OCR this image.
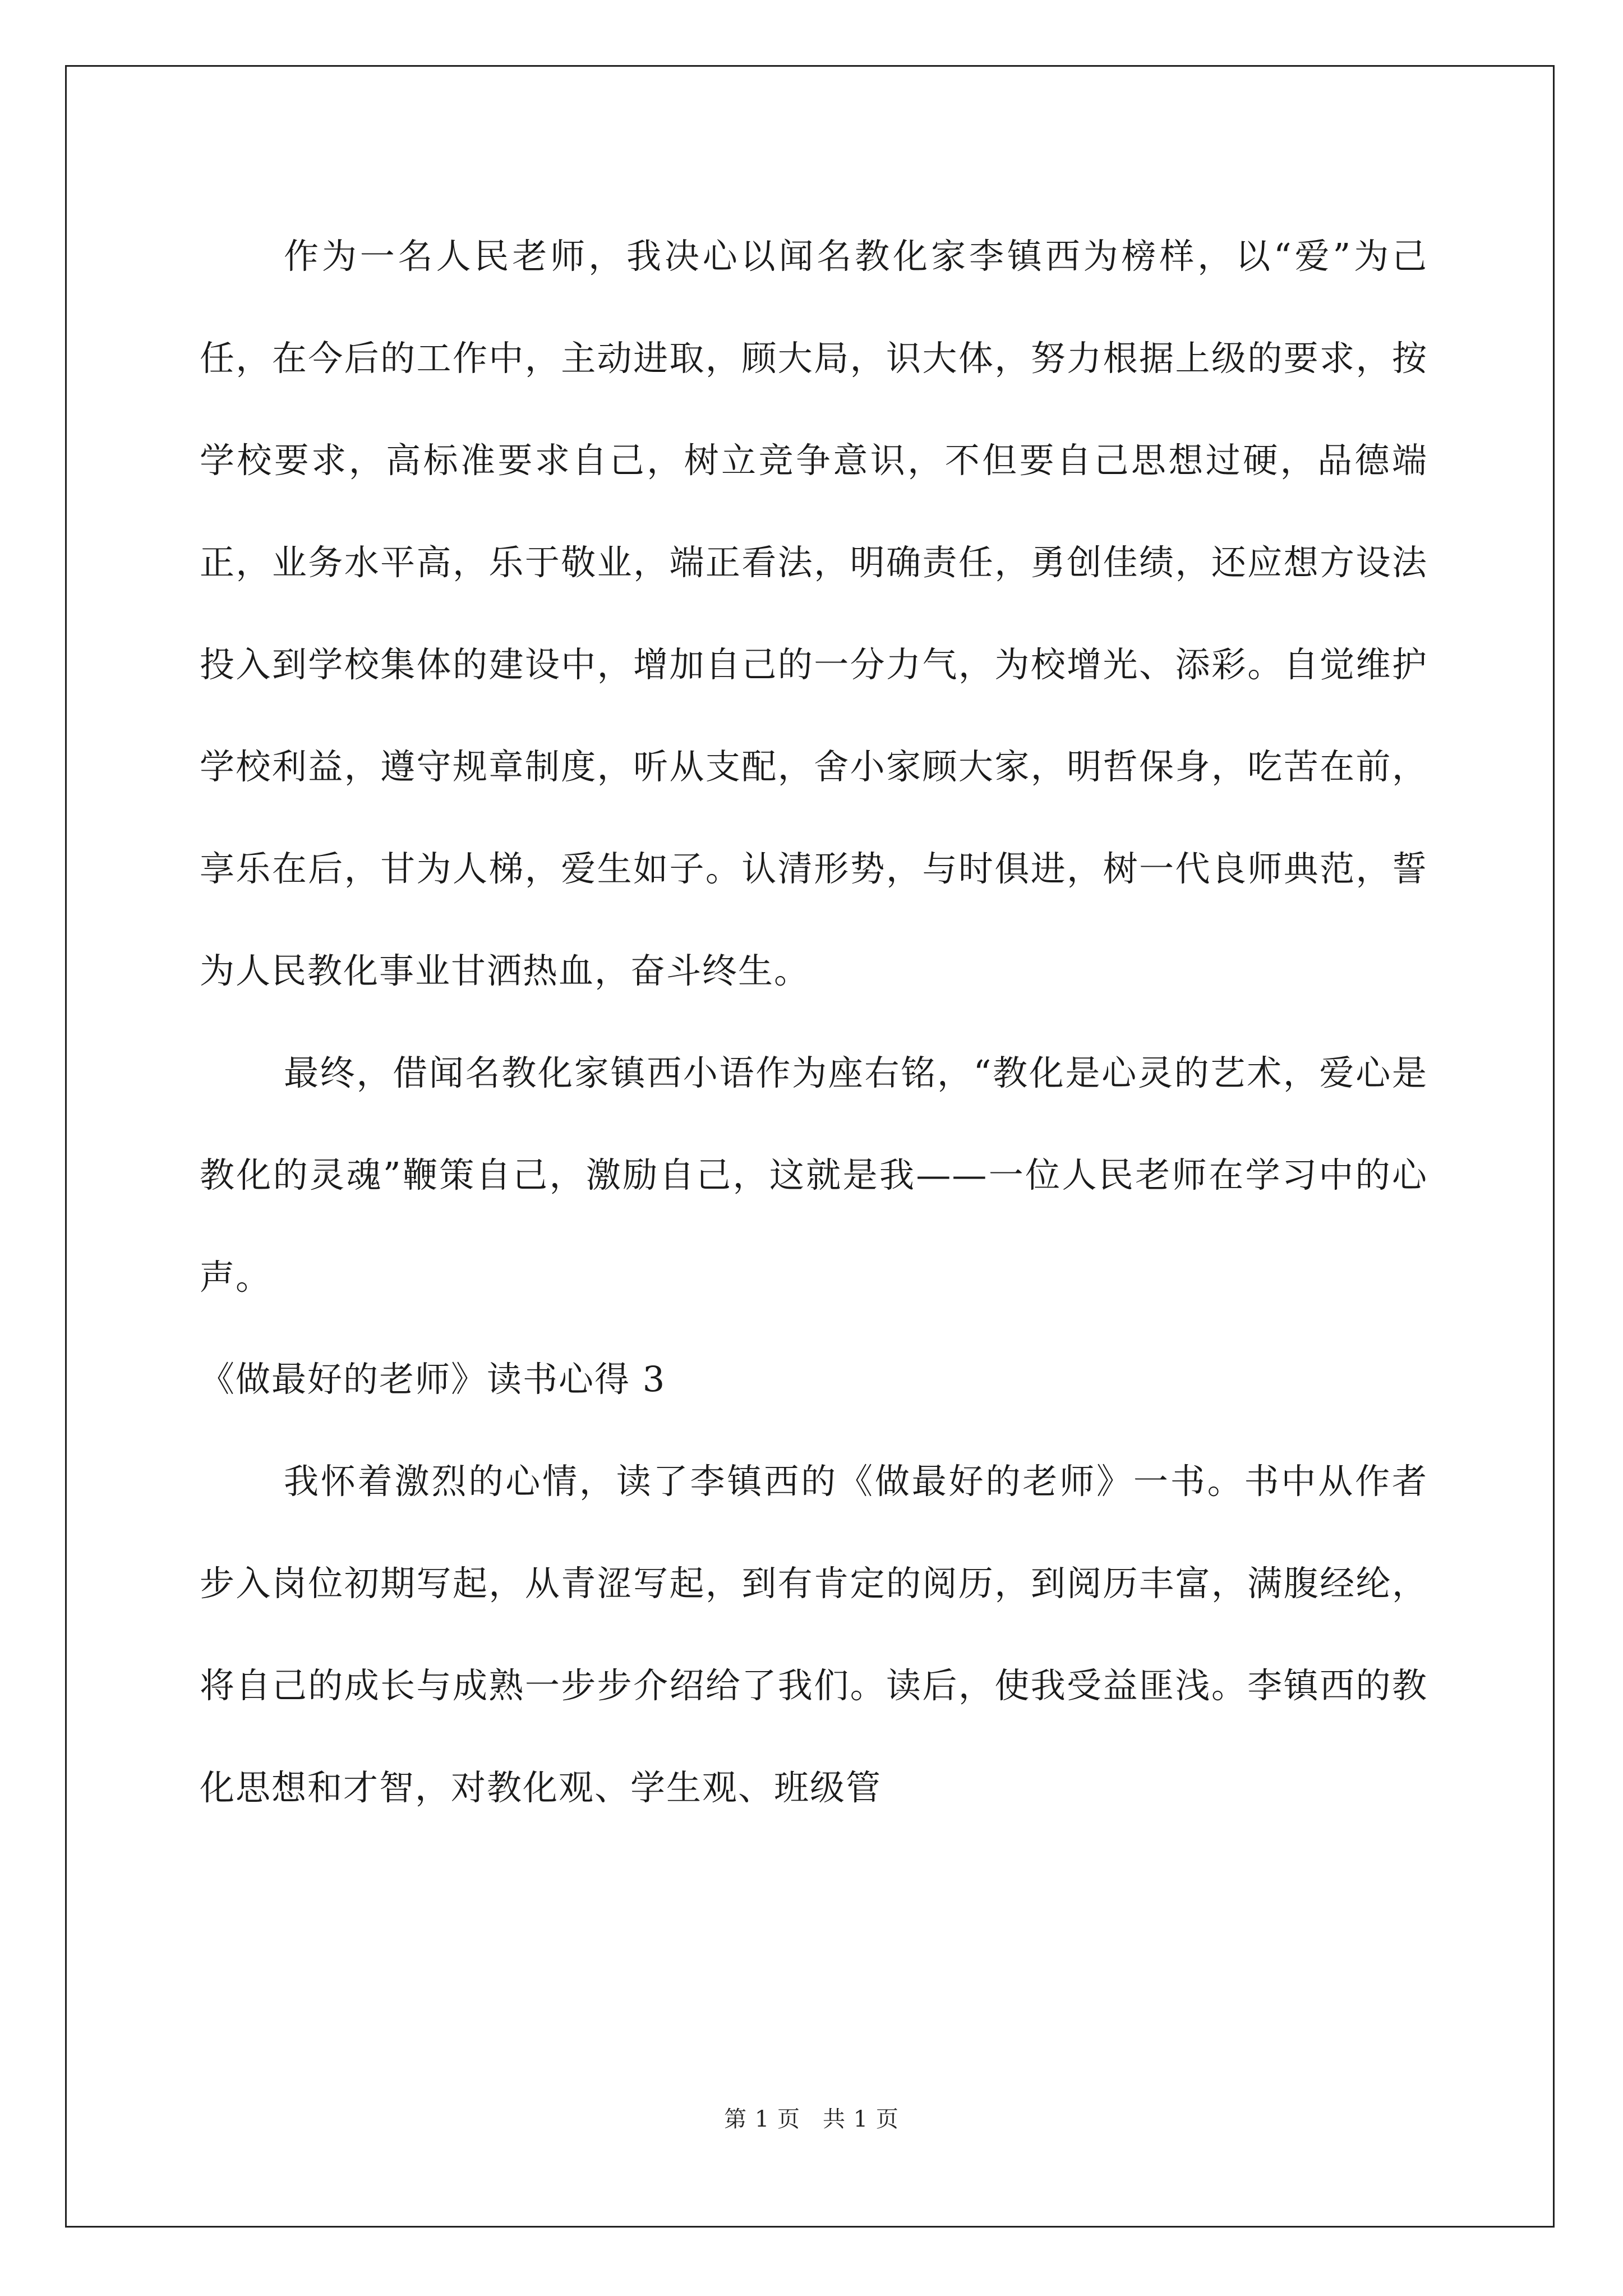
作为一名人民老师，我决心以闻名教化家李镇西为榜样，以“爱”为己任，在今后的工作中，主动进取，顾大局，识大体，努力根据上级的要求，按学校要求，高标准要求自己，树立竞争意识，不但要自己思想过硬，品德端正，业务水平高，乐于敬业，端正看法，明确责任，勇创佳绩，还应想方设法投入到学校集体的建设中，增加自己的一分力气，为校增光、添彩。自觉维护学校利益，遵守规章制度，听从支配，舍小家顾大家，明哲保身，吃苦在前，享乐在后，甘为人梯，爱生如子。认清形势，与时俱进，树一代良师典范，誓为人民教化事业甘洒热血，奋斗终生。

最终，借闻名教化家镇西小语作为座右铭，“教化是心灵的艺术，爱心是教化的灵魂”鞭策自己，激励自己，这就是我——一位人民老师在学习中的心声。

《做最好的老师》读书心得 3

我怀着激烈的心情，读了李镇西的《做最好的老师》一书。书中从作者步入岗位初期写起，从青涩写起，到有肯定的阅历，到阅历丰富，满腹经纶，将自己的成长与成熟一步步介绍给了我们。读后，使我受益匪浅。李镇西的教化思想和才智，对教化观、学生观、班级管

第 1 页 共 1 页
